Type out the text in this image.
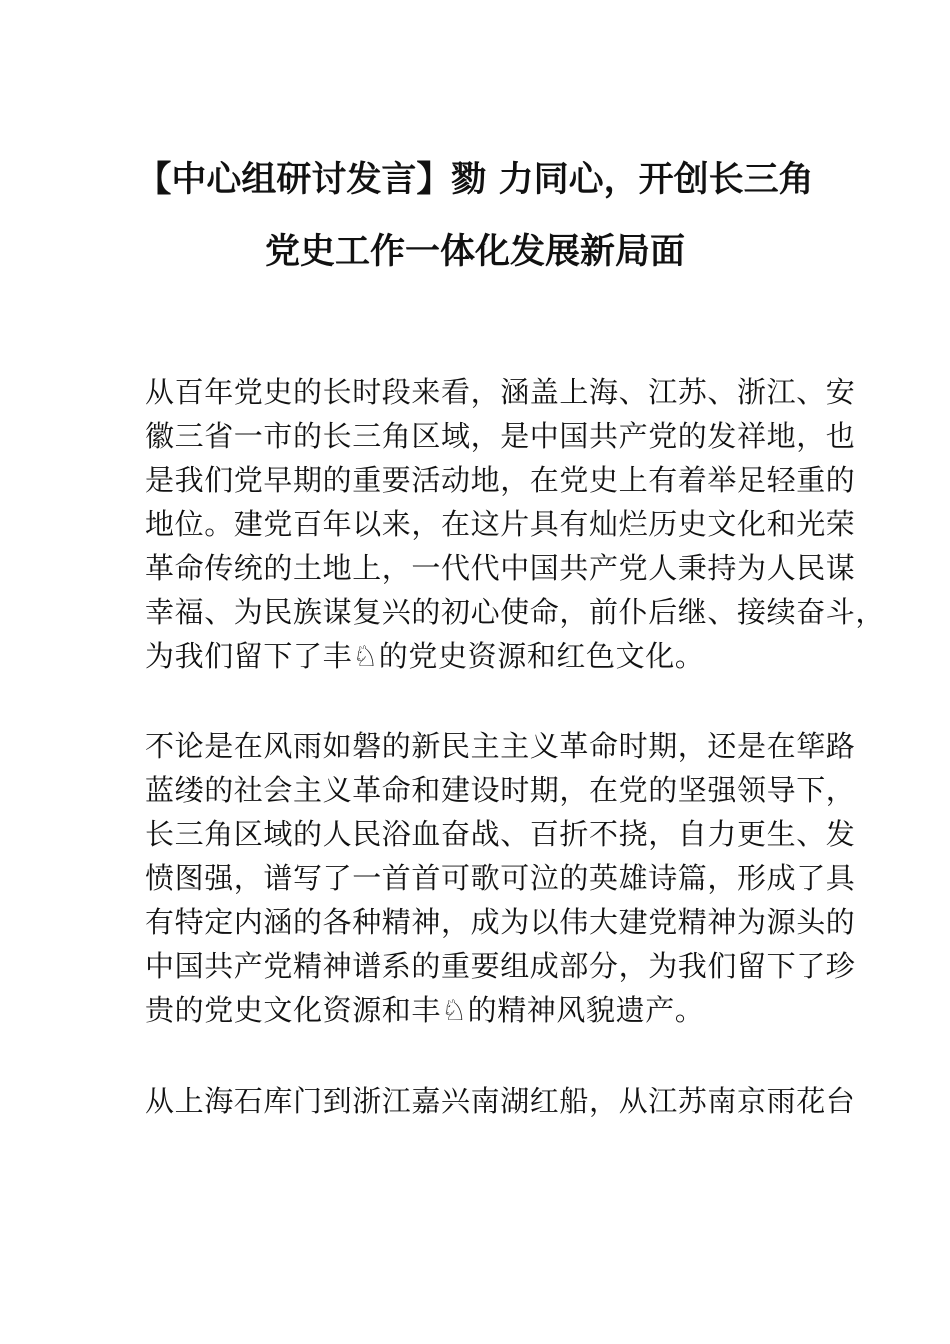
【中心组研讨发言】勠 力同心，开创长三角
党史工作一体化发展新局面
从百年党史的长时段来看，涵盖上海、江苏、浙江、安
徽三省一市的长三角区域，是中国共产党的发祥地，也
是我们党早期的重要活动地，在党史上有着举足轻重的
地位。建党百年以来，在这片具有灿烂历史文化和光荣
革命传统的土地上，一代代中国共产党人秉持为人民谋
幸福、为民族谋复兴的初心使命，前仆后继、接续奋斗，
为我们留下了丰♘的党史资源和红色文化。
不论是在风雨如磐的新民主主义革命时期，还是在筚路
蓝缕的社会主义革命和建设时期，在党的坚强领导下，
长三角区域的人民浴血奋战、百折不挠，自力更生、发
愤图强，谱写了一首首可歌可泣的英雄诗篇，形成了具
有特定内涵的各种精神，成为以伟大建党精神为源头的
中国共产党精神谱系的重要组成部分，为我们留下了珍
贵的党史文化资源和丰♘的精神风貌遗产。
从上海石库门到浙江嘉兴南湖红船，从江苏南京雨花台
